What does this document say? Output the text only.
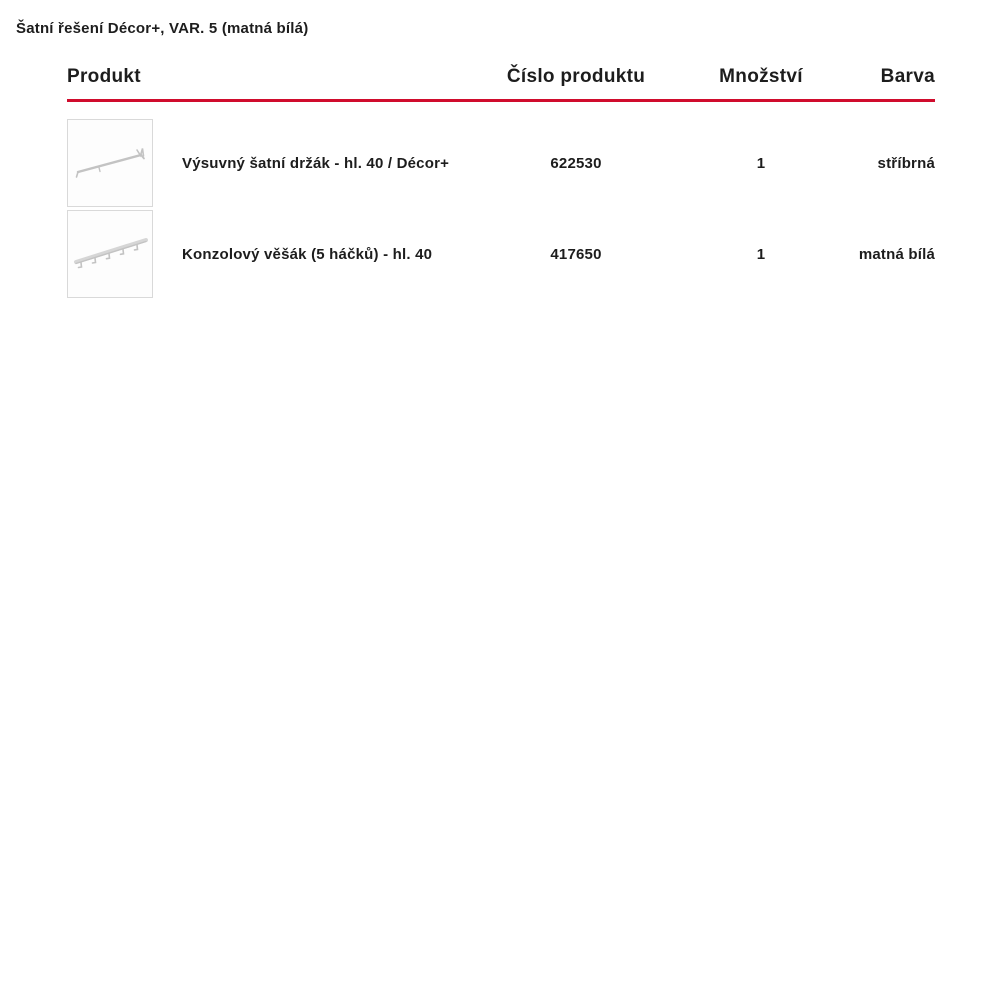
Šatní řešení Décor+, VAR. 5 (matná bílá)
Produkt	Číslo produktu	Množství	Barva
Výsuvný šatní držák - hl. 40 / Décor+	622530	1	stříbrná
Konzolový věšák (5 háčků) - hl. 40	417650	1	matná bílá
